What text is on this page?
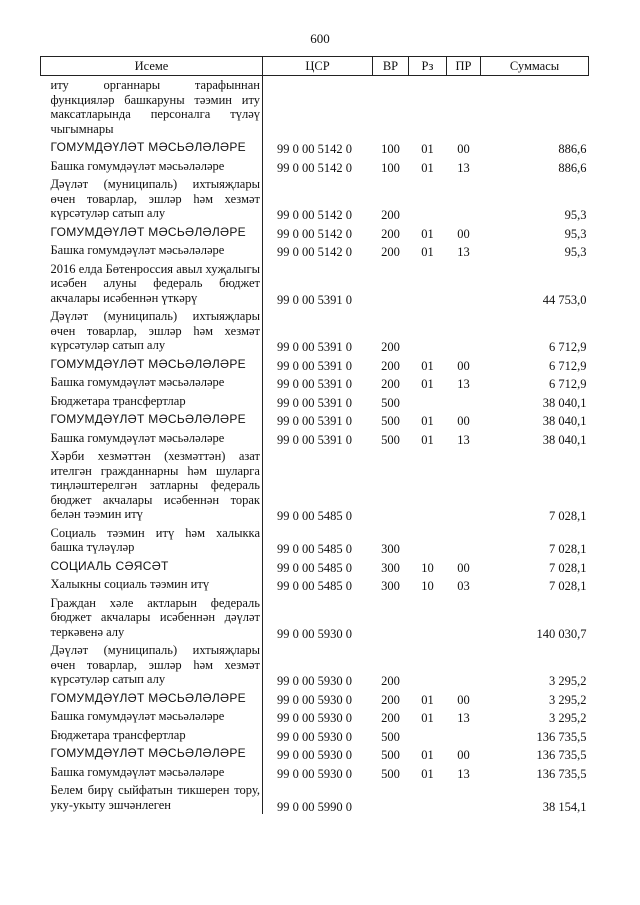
600
Исеме	ЦСР	ВР	Рз	ПР	Суммасы
иту органнары тарафыннан функцияләр башкаруны тәэмин иту максатларында персоналга түләү чыгымнары					
ГОМУМДӘҮЛӘТ МӘСЬӘЛӘЛӘРЕ	99 0 00 5142 0	100	01	00	886,6
Башка гомумдәүләт мәсьәләләре	99 0 00 5142 0	100	01	13	886,6
Дәүләт (муниципаль) ихтыяҗлары өчен товарлар, эшләр һәм хезмәт күрсәтуләр сатып алу	99 0 00 5142 0	200			95,3
ГОМУМДӘҮЛӘТ МӘСЬӘЛӘЛӘРЕ	99 0 00 5142 0	200	01	00	95,3
Башка гомумдәүләт мәсьәләләре	99 0 00 5142 0	200	01	13	95,3
2016 елда Бөтенроссия авыл хуҗалыгы исәбен алуны федераль бюджет акчалары исәбеннән үткәрү	99 0 00 5391 0				44 753,0
Дәүләт (муниципаль) ихтыяҗлары өчен товарлар, эшләр һәм хезмәт күрсәтуләр сатып алу	99 0 00 5391 0	200			6 712,9
ГОМУМДӘҮЛӘТ МӘСЬӘЛӘЛӘРЕ	99 0 00 5391 0	200	01	00	6 712,9
Башка гомумдәүләт мәсьәләләре	99 0 00 5391 0	200	01	13	6 712,9
Бюджетара трансфертлар	99 0 00 5391 0	500			38 040,1
ГОМУМДӘҮЛӘТ МӘСЬӘЛӘЛӘРЕ	99 0 00 5391 0	500	01	00	38 040,1
Башка гомумдәүләт мәсьәләләре	99 0 00 5391 0	500	01	13	38 040,1
Хәрби хезмәттән (хезмәттән) азат ителгән гражданнарны һәм шуларга тиңләштерелгән затларны федераль бюджет акчалары исәбеннән торак белән тәэмин итү	99 0 00 5485 0				7 028,1
Социаль тәэмин итү һәм халыкка башка түләүләр	99 0 00 5485 0	300			7 028,1
СОЦИАЛЬ СӘЯСӘТ	99 0 00 5485 0	300	10	00	7 028,1
Халыкны социаль тәэмин итү	99 0 00 5485 0	300	10	03	7 028,1
Граждан хәле актларын федераль бюджет акчалары исәбеннән дәүләт теркәвенә алу	99 0 00 5930 0				140 030,7
Дәүләт (муниципаль) ихтыяҗлары өчен товарлар, эшләр һәм хезмәт күрсәтуләр сатып алу	99 0 00 5930 0	200			3 295,2
ГОМУМДӘҮЛӘТ МӘСЬӘЛӘЛӘРЕ	99 0 00 5930 0	200	01	00	3 295,2
Башка гомумдәүләт мәсьәләләре	99 0 00 5930 0	200	01	13	3 295,2
Бюджетара трансфертлар	99 0 00 5930 0	500			136 735,5
ГОМУМДӘҮЛӘТ МӘСЬӘЛӘЛӘРЕ	99 0 00 5930 0	500	01	00	136 735,5
Башка гомумдәүләт мәсьәләләре	99 0 00 5930 0	500	01	13	136 735,5
Белем бирү сыйфатын тикшерен тору, уку-укыту эшчәнлеген	99 0 00 5990 0				38 154,1
